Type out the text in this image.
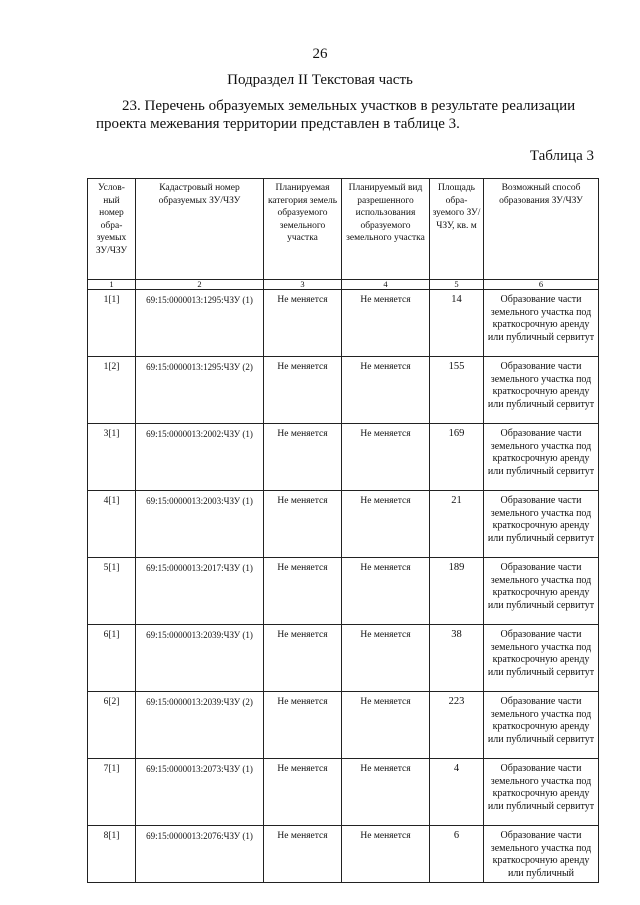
26
Подраздел II Текстовая часть

23. Перечень образуемых земельных участков в результате реализации
проекта межевания территории представлен в таблице 3.

Таблица 3
Услов-ный номер обра-зуемых ЗУ/ЧЗУ	Кадастровый номер образуемых ЗУ/ЧЗУ	Планируемая категория земель образуемого земельного участка	Планируемый вид разрешенного использования образуемого земельного участка	Площадь обра-зуемого ЗУ/ЧЗУ, кв. м	Возможный способ образования ЗУ/ЧЗУ
1	2	3	4	5	6
1[1]	69:15:0000013:1295:ЧЗУ (1)	Не меняется	Не меняется	14	Образование части земельного участка под краткосрочную аренду или публичный сервитут
1[2]	69:15:0000013:1295:ЧЗУ (2)	Не меняется	Не меняется	155	Образование части земельного участка под краткосрочную аренду или публичный сервитут
3[1]	69:15:0000013:2002:ЧЗУ (1)	Не меняется	Не меняется	169	Образование части земельного участка под краткосрочную аренду или публичный сервитут
4[1]	69:15:0000013:2003:ЧЗУ (1)	Не меняется	Не меняется	21	Образование части земельного участка под краткосрочную аренду или публичный сервитут
5[1]	69:15:0000013:2017:ЧЗУ (1)	Не меняется	Не меняется	189	Образование части земельного участка под краткосрочную аренду или публичный сервитут
6[1]	69:15:0000013:2039:ЧЗУ (1)	Не меняется	Не меняется	38	Образование части земельного участка под краткосрочную аренду или публичный сервитут
6[2]	69:15:0000013:2039:ЧЗУ (2)	Не меняется	Не меняется	223	Образование части земельного участка под краткосрочную аренду или публичный сервитут
7[1]	69:15:0000013:2073:ЧЗУ (1)	Не меняется	Не меняется	4	Образование части земельного участка под краткосрочную аренду или публичный сервитут
8[1]	69:15:0000013:2076:ЧЗУ (1)	Не меняется	Не меняется	6	Образование части земельного участка под краткосрочную аренду или публичный
